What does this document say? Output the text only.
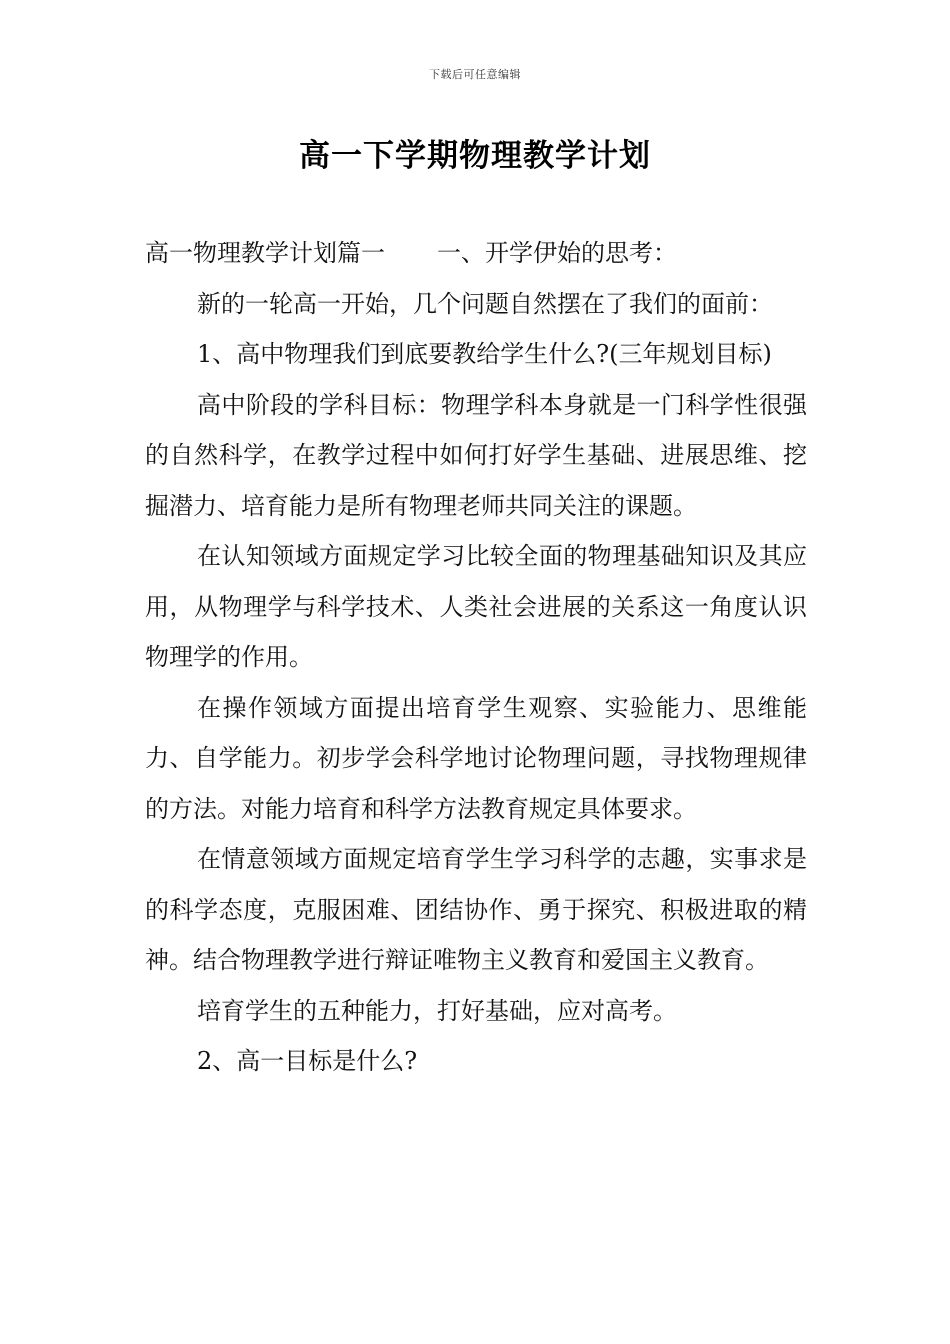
下载后可任意编辑
高一下学期物理教学计划

高一物理教学计划篇一 一、开学伊始的思考：

新的一轮高一开始，几个问题自然摆在了我们的面前：

1、高中物理我们到底要教给学生什么?(三年规划目标)

高中阶段的学科目标：物理学科本身就是一门科学性很强的自然科学，在教学过程中如何打好学生基础、进展思维、挖掘潜力、培育能力是所有物理老师共同关注的课题。

在认知领域方面规定学习比较全面的物理基础知识及其应用，从物理学与科学技术、人类社会进展的关系这一角度认识物理学的作用。

在操作领域方面提出培育学生观察、实验能力、思维能力、自学能力。初步学会科学地讨论物理问题，寻找物理规律的方法。对能力培育和科学方法教育规定具体要求。

在情意领域方面规定培育学生学习科学的志趣，实事求是的科学态度，克服困难、团结协作、勇于探究、积极进取的精神。结合物理教学进行辩证唯物主义教育和爱国主义教育。

培育学生的五种能力，打好基础，应对高考。

2、高一目标是什么?
